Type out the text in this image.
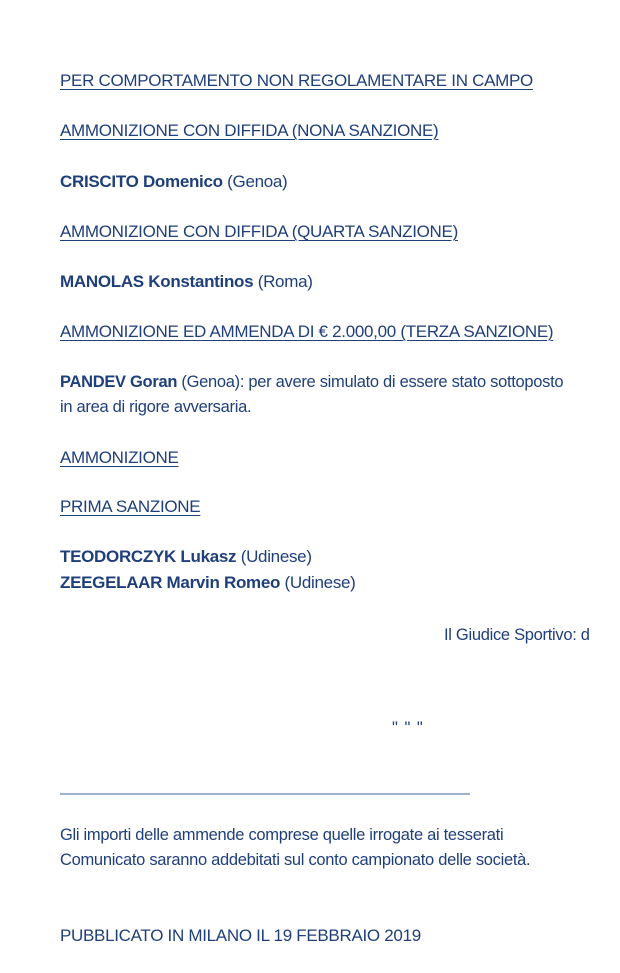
PER COMPORTAMENTO NON REGOLAMENTARE IN CAMPO
AMMONIZIONE CON DIFFIDA (NONA SANZIONE)
CRISCITO Domenico (Genoa)
AMMONIZIONE CON DIFFIDA (QUARTA SANZIONE)
MANOLAS Konstantinos (Roma)
AMMONIZIONE ED AMMENDA DI € 2.000,00 (TERZA SANZIONE)
PANDEV Goran (Genoa): per avere simulato di essere stato sottoposto
in area di rigore avversaria.
AMMONIZIONE
PRIMA SANZIONE
TEODORCZYK Lukasz (Udinese)
ZEEGELAAR Marvin Romeo (Udinese)
Il Giudice Sportivo: d
" " "
Gli importi delle ammende comprese quelle irrogate ai tesserati
Comunicato saranno addebitati sul conto campionato delle società.
PUBBLICATO IN MILANO IL 19 FEBBRAIO 2019
